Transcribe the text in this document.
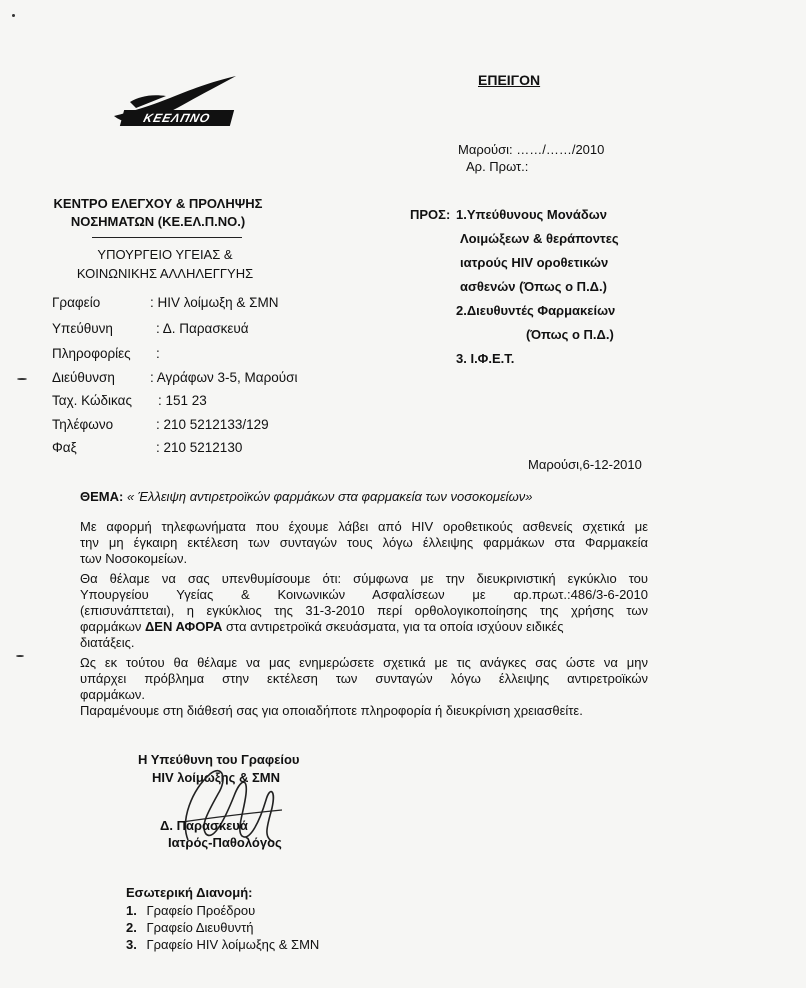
ΕΠΕΙΓΟΝ
ΚΕΕΛΠΝΟ
ΚΕΝΤΡΟ ΕΛΕΓΧΟΥ & ΠΡΟΛΗΨΗΣ
ΝΟΣΗΜΑΤΩΝ (ΚΕ.ΕΛ.Π.ΝΟ.)
ΥΠΟΥΡΓΕΙΟ ΥΓΕΙΑΣ &
ΚΟΙΝΩΝΙΚΗΣ ΑΛΛΗΛΕΓΓΥΗΣ
Γραφείο	: HIV λοίμωξη & ΣΜΝ
Υπεύθυνη	: Δ. Παρασκευά
Πληροφορίες :
Διεύθυνση	: Αγράφων 3-5, Μαρούσι
Ταχ. Κώδικας : 151 23
Τηλέφωνο	: 210 5212133/129
Φαξ	: 210 5212130
Μαρούσι: ……/……/2010
Αρ. Πρωτ.:
ΠΡΟΣ: 1.Υπεύθυνους Μονάδων
Λοιμώξεων & θεράποντες
ιατρούς HIV οροθετικών
ασθενών (Όπως ο Π.Δ.)
2.Διευθυντές Φαρμακείων
(Όπως ο Π.Δ.)
3. Ι.Φ.Ε.Τ.
Μαρούσι,6-12-2010
ΘΕΜΑ: « Έλλειψη αντιρετροϊκών φαρμάκων στα φαρμακεία των νοσοκομείων»
Με αφορμή τηλεφωνήματα που έχουμε λάβει από HIV οροθετικούς ασθενείς σχετικά με
την μη έγκαιρη εκτέλεση των συνταγών τους λόγω έλλειψης φαρμάκων στα Φαρμακεία
των Νοσοκομείων.
Θα θέλαμε να σας υπενθυμίσουμε ότι: σύμφωνα με την διευκρινιστική εγκύκλιο του
Υπουργείου Υγείας & Κοινωνικών Ασφαλίσεων με αρ.πρωτ.:486/3-6-2010
(επισυνάπτεται), η εγκύκλιος της 31-3-2010 περί ορθολογικοποίησης της χρήσης των
φαρμάκων ΔΕΝ ΑΦΟΡΑ στα αντιρετροϊκά σκευάσματα, για τα οποία ισχύουν ειδικές
διατάξεις.
Ως εκ τούτου θα θέλαμε να μας ενημερώσετε σχετικά με τις ανάγκες σας ώστε να μην
υπάρχει πρόβλημα στην εκτέλεση των συνταγών λόγω έλλειψης αντιρετροϊκών
φαρμάκων.
Παραμένουμε στη διάθεσή σας για οποιαδήποτε πληροφορία ή διευκρίνιση χρειασθείτε.
Η Υπεύθυνη του Γραφείου
HIV λοίμωξης & ΣΜΝ
Δ. Παρασκευά
Ιατρός-Παθολόγος
Εσωτερική Διανομή:
1. Γραφείο Προέδρου
2. Γραφείο Διευθυντή
3. Γραφείο HIV λοίμωξης & ΣΜΝ
